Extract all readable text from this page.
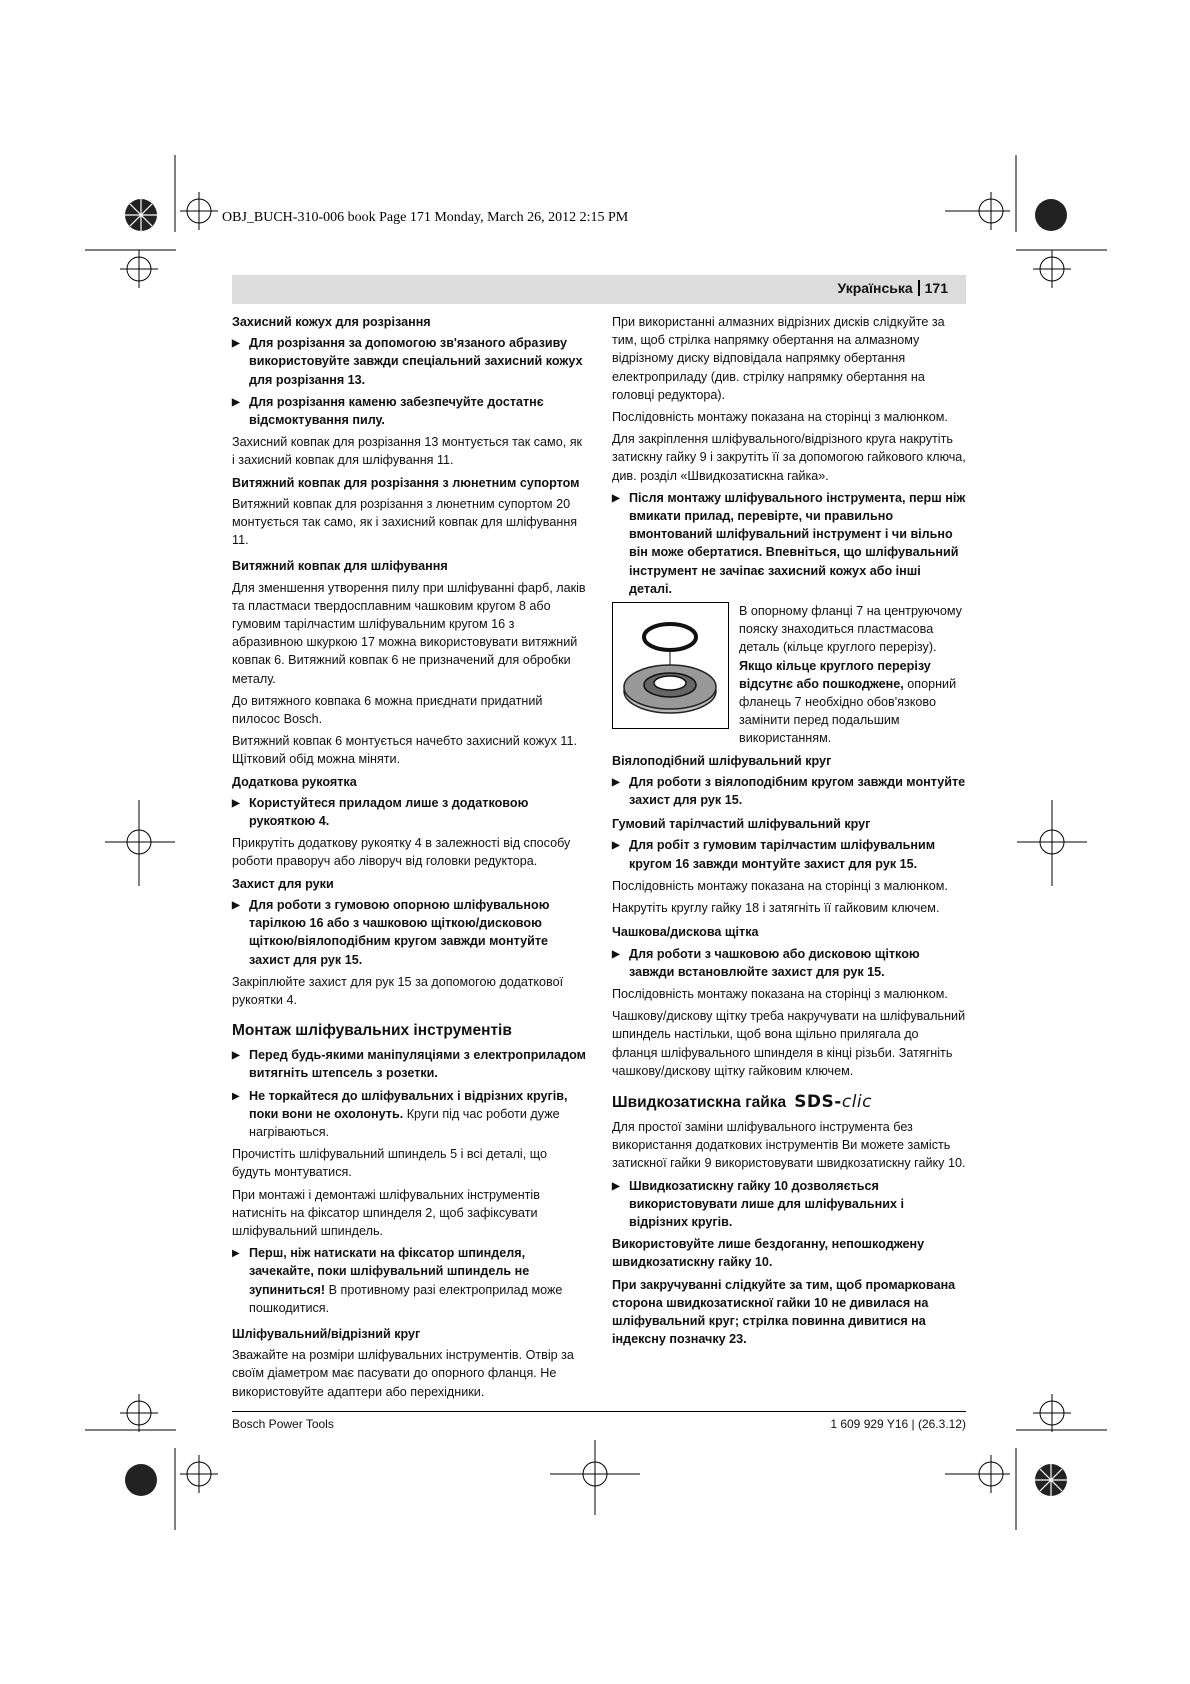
OBJ_BUCH-310-006 book Page 171 Monday, March 26, 2012 2:15 PM
Українська 171
Захисний кожух для розрізання
▶ Для розрізання за допомогою зв'язаного абразиву використовуйте завжди спеціальний захисний кожух для розрізання 13.
▶ Для розрізання каменю забезпечуйте достатнє відсмоктування пилу.

Захисний ковпак для розрізання 13 монтується так само, як і захисний ковпак для шліфування 11.

Витяжний ковпак для розрізання з люнетним супортом

Витяжний ковпак для розрізання з люнетним супортом 20 монтується так само, як і захисний ковпак для шліфування 11.

Витяжний ковпак для шліфування

Для зменшення утворення пилу при шліфуванні фарб, лаків та пластмаси твердосплавним чашковим кругом 8 або гумовим тарілчастим шліфувальним кругом 16 з абразивною шкуркою 17 можна використовувати витяжний ковпак 6. Витяжний ковпак 6 не призначений для обробки металу.

До витяжного ковпака 6 можна приєднати придатний пилосос Bosch.

Витяжний ковпак 6 монтується начебто захисний кожух 11. Щітковий обід можна міняти.

Додаткова рукоятка
▶ Користуйтеся приладом лише з додатковою рукояткою 4.

Прикрутіть додаткову рукоятку 4 в залежності від способу роботи праворуч або ліворуч від головки редуктора.

Захист для руки
▶ Для роботи з гумовою опорною шліфувальною тарілкою 16 або з чашковою щіткою/дисковою щіткою/віялоподібним кругом завжди монтуйте захист для рук 15.

Закріплюйте захист для рук 15 за допомогою додаткової рукоятки 4.

Монтаж шліфувальних інструментів
▶ Перед будь-якими маніпуляціями з електроприладом витягніть штепсель з розетки.
▶ Не торкайтеся до шліфувальних і відрізних кругів, поки вони не охолонуть. Круги під час роботи дуже нагріваються.

Прочистіть шліфувальний шпиндель 5 і всі деталі, що будуть монтуватися.

При монтажі і демонтажі шліфувальних інструментів натисніть на фіксатор шпинделя 2, щоб зафіксувати шліфувальний шпиндель.

▶ Перш, ніж натискати на фіксатор шпинделя, зачекайте, поки шліфувальний шпиндель не зупиниться! В противному разі електроприлад може пошкодитися.
Шліфувальний/відрізний круг

Зважайте на розміри шліфувальних інструментів. Отвір за своїм діаметром має пасувати до опорного фланця. Не використовуйте адаптери або перехідники.

При використанні алмазних відрізних дисків слідкуйте за тим, щоб стрілка напрямку обертання на алмазному відрізному диску відповідала напрямку обертання електроприладу (див. стрілку напрямку обертання на головці редуктора).

Послідовність монтажу показана на сторінці з малюнком.

Для закріплення шліфувального/відрізного круга накрутіть затискну гайку 9 і закрутіть її за допомогою гайкового ключа, див. розділ «Швидкозатискна гайка».

▶ Після монтажу шліфувального інструмента, перш ніж вмикати прилад, перевірте, чи правильно вмонтований шліфувальний інструмент і чи вільно він може обертатися. Впевніться, що шліфувальний інструмент не зачіпає захисний кожух або інші деталі.
В опорному фланці 7 на центруючому пояску знаходиться пластмасова деталь (кільце круглого перерізу). Якщо кільце круглого перерізу відсутнє або пошкоджене, опорний фланець 7 необхідно обов'язково замінити перед подальшим використанням.
Віялоподібний шліфувальний круг
▶ Для роботи з віялоподібним кругом завжди монтуйте захист для рук 15.
Гумовий тарілчастий шліфувальний круг
▶ Для робіт з гумовим тарілчастим шліфувальним кругом 16 завжди монтуйте захист для рук 15.

Послідовність монтажу показана на сторінці з малюнком.

Накрутіть круглу гайку 18 і затягніть її гайковим ключем.

Чашкова/дискова щітка
▶ Для роботи з чашковою або дисковою щіткою завжди встановлюйте захист для рук 15.

Послідовність монтажу показана на сторінці з малюнком.

Чашкову/дискову щітку треба накручувати на шліфувальний шпиндель настільки, щоб вона щільно прилягала до фланця шліфувального шпинделя в кінці різьби. Затягніть чашкову/дискову щітку гайковим ключем.

Швидкозатискна гайка SDS-clic

Для простої заміни шліфувального інструмента без використання додаткових інструментів Ви можете замість затискної гайки 9 використовувати швидкозатискну гайку 10.

▶ Швидкозатискну гайку 10 дозволяється використовувати лише для шліфувальних і відрізних кругів.

Використовуйте лише бездоганну, непошкоджену швидкозатискну гайку 10.

При закручуванні слідкуйте за тим, щоб промаркована сторона швидкозатискної гайки 10 не дивилася на шліфувальний круг; стрілка повинна дивитися на індексну позначку 23.

Bosch Power Tools	1 609 929 Y16 | (26.3.12)
